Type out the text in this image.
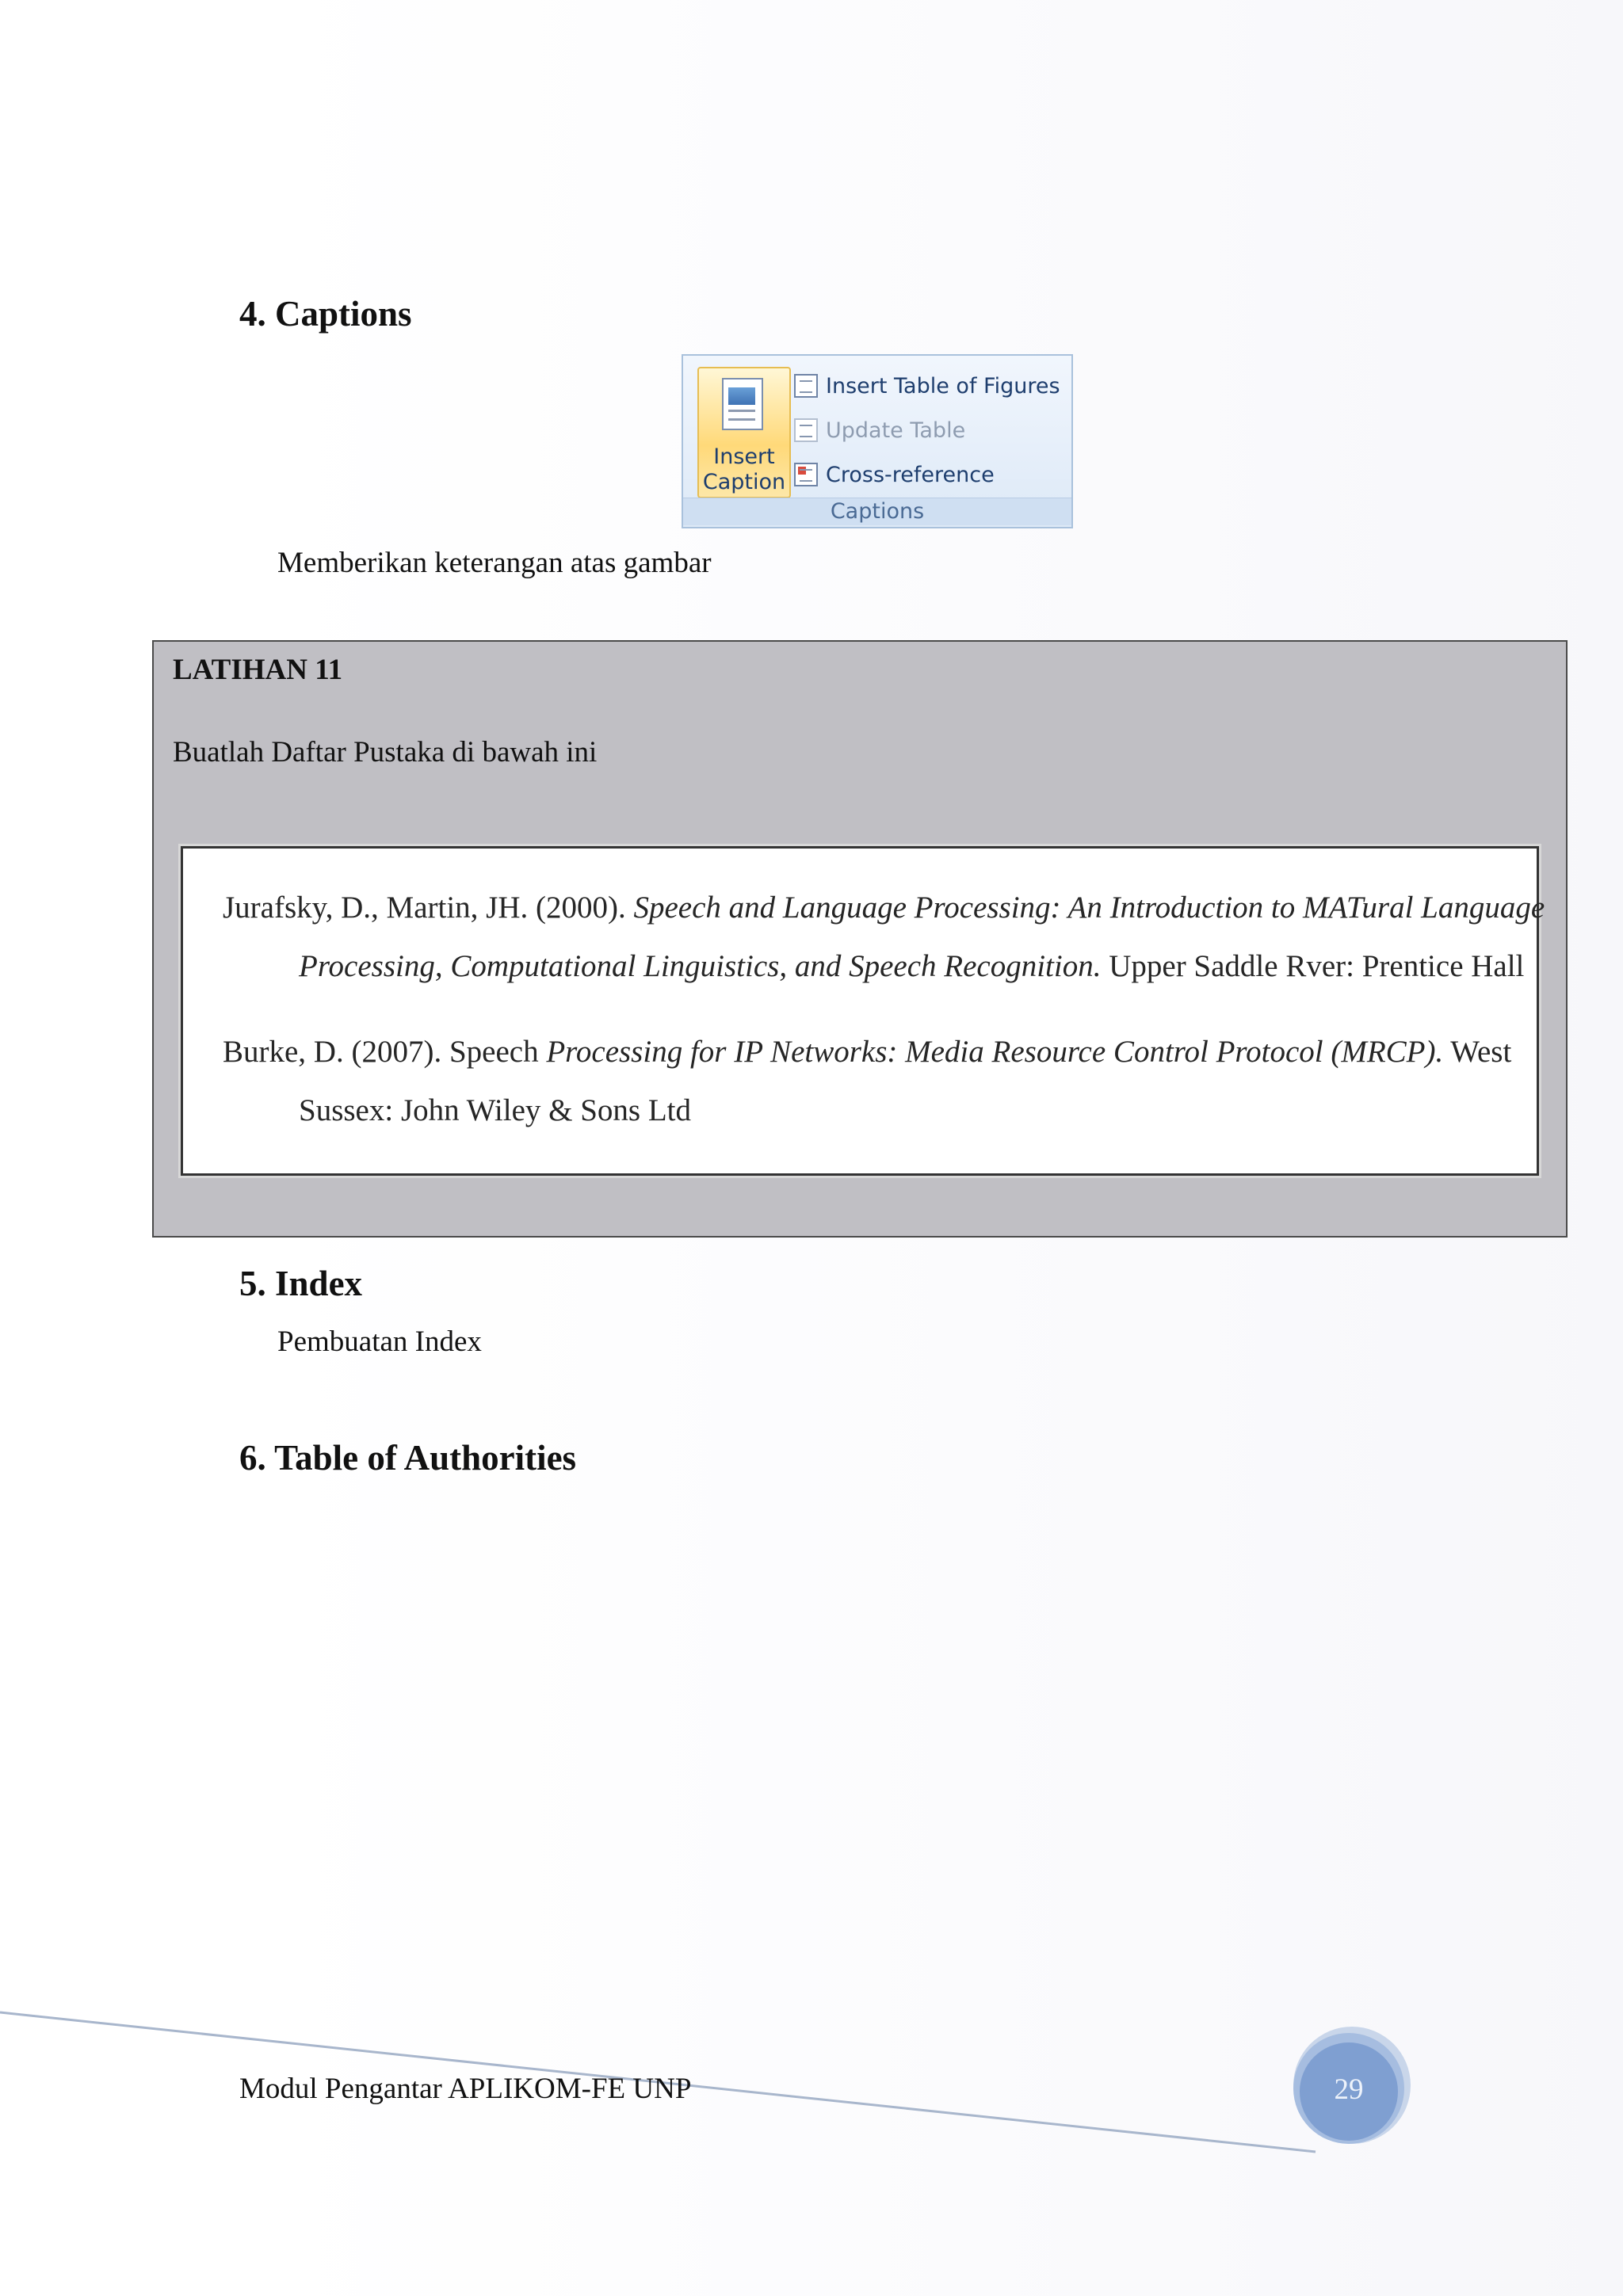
4. Captions
Insert
Caption
Insert Table of Figures
Update Table
Cross-reference
Captions
Memberikan keterangan atas gambar
LATIHAN 11
Buatlah Daftar Pustaka di bawah ini
Jurafsky, D., Martin, JH. (2000). Speech and Language Processing: An Introduction to MATural Language Processing, Computational Linguistics, and Speech Recognition. Upper Saddle Rver: Prentice Hall
Burke, D. (2007). Speech Processing for IP Networks: Media Resource Control Protocol (MRCP). West Sussex: John Wiley & Sons Ltd
5. Index
Pembuatan Index
6. Table of Authorities
Modul Pengantar APLIKOM-FE UNP	29
